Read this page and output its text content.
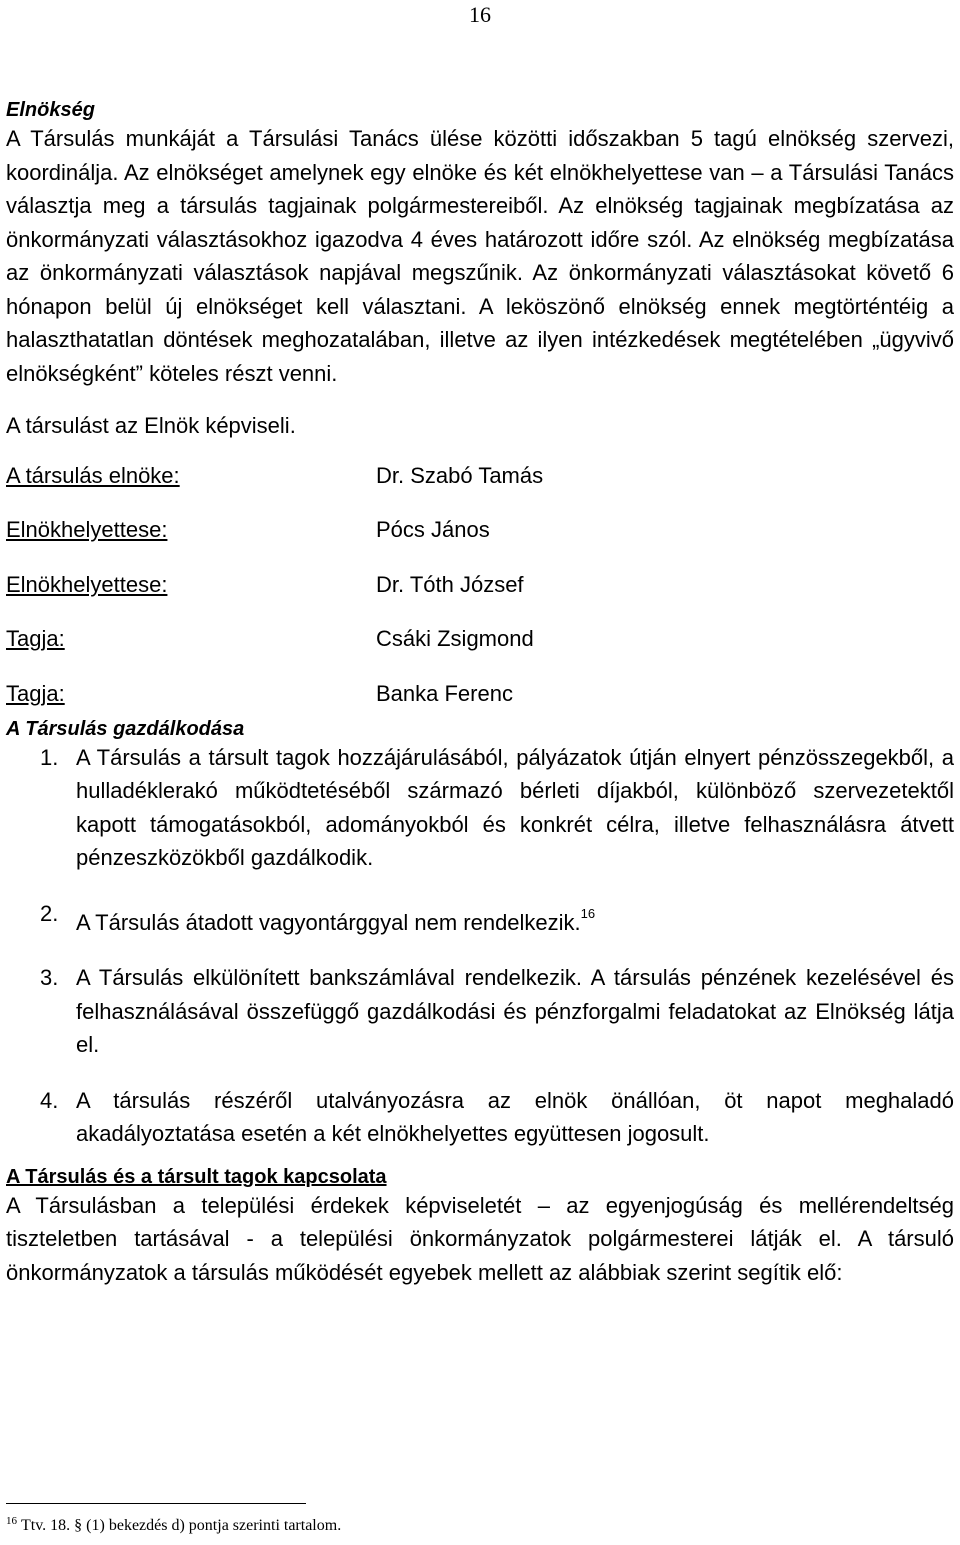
16
Elnökség
A Társulás munkáját a Társulási Tanács ülése közötti időszakban 5 tagú elnökség szervezi, koordinálja. Az elnökséget amelynek egy elnöke és két elnökhelyettese van – a Társulási Tanács választja meg a társulás tagjainak polgármestereiből. Az elnökség tagjainak megbízatása az önkormányzati választásokhoz igazodva 4 éves határozott időre szól. Az elnökség megbízatása az önkormányzati választások napjával megszűnik. Az önkormányzati választásokat követő 6 hónapon belül új elnökséget kell választani. A leköszönő elnökség ennek megtörténtéig a halaszthatatlan döntések meghozatalában, illetve az ilyen intézkedések megtételében „ügyvivő elnökségként” köteles részt venni.
A társulást az Elnök képviseli.
A társulás elnöke:	Dr. Szabó Tamás
Elnökhelyettese:	Pócs János
Elnökhelyettese:	Dr. Tóth József
Tagja:	Csáki Zsigmond
Tagja:	Banka Ferenc
A Társulás gazdálkodása
1. A Társulás a társult tagok hozzájárulásából, pályázatok útján elnyert pénzösszegekből, a hulladéklerakó működtetéséből származó bérleti díjakból, különböző szervezetektől kapott támogatásokból, adományokból és konkrét célra, illetve felhasználásra átvett pénzeszközökből gazdálkodik.
2. A Társulás átadott vagyontárggyal nem rendelkezik.$^{16}$
3. A Társulás elkülönített bankszámlával rendelkezik. A társulás pénzének kezelésével és felhasználásával összefüggő gazdálkodási és pénzforgalmi feladatokat az Elnökség látja el.
4. A társulás részéről utalványozásra az elnök önállóan, öt napot meghaladó akadályoztatása esetén a két elnökhelyettes együttesen jogosult.
A Társulás és a társult tagok kapcsolata
A Társulásban a települési érdekek képviseletét – az egyenjogúság és mellérendeltség tiszteletben tartásával - a települési önkormányzatok polgármesterei látják el. A társuló önkormányzatok a társulás működését egyebek mellett az alábbiak szerint segítik elő:
$^{16}$ Ttv. 18. § (1) bekezdés d) pontja szerinti tartalom.
